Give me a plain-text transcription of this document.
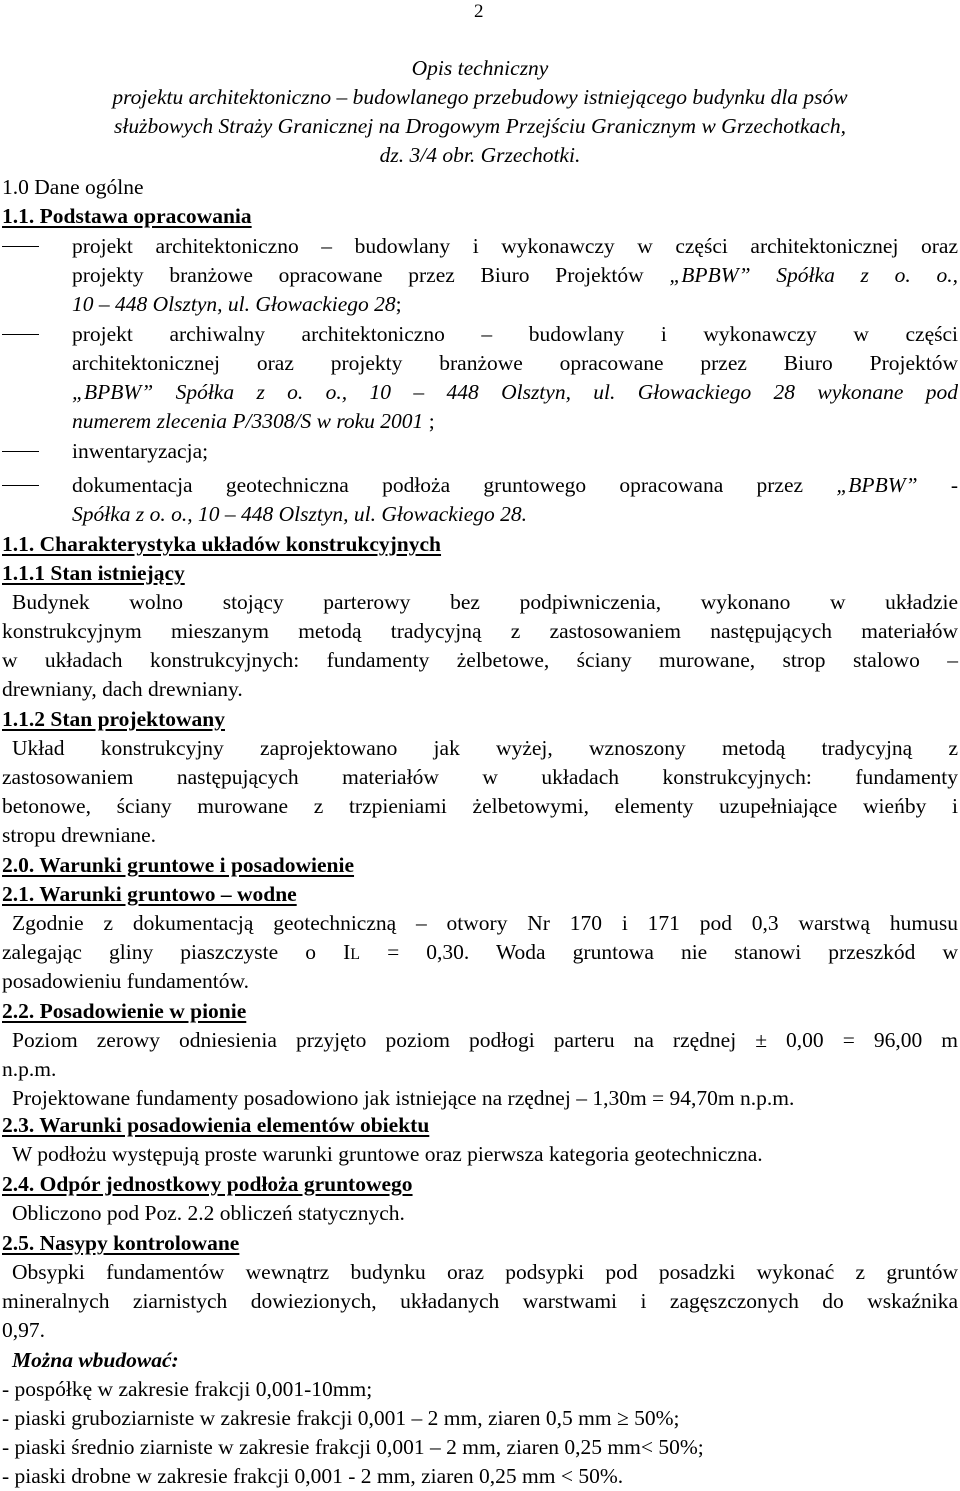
2
Opis techniczny
projektu architektoniczno – budowlanego przebudowy istniejącego budynku dla psów
służbowych Straży Granicznej na Drogowym Przejściu Granicznym w Grzechotkach,
dz. 3/4 obr. Grzechotki.
1.0 Dane ogólne
1.1. Podstawa opracowania
projekt architektoniczno – budowlany i wykonawczy w części architektonicznej oraz
projekty branżowe opracowane przez Biuro Projektów „BPBW” Spółka z o. o.,
10 – 448 Olsztyn, ul. Głowackiego 28;
projekt archiwalny architektoniczno – budowlany i wykonawczy w części
architektonicznej oraz projekty branżowe opracowane przez Biuro Projektów
„BPBW” Spółka z o. o., 10 – 448 Olsztyn, ul. Głowackiego 28 wykonane pod
numerem zlecenia P/3308/S w roku 2001 ;
inwentaryzacja;
dokumentacja geotechniczna podłoża gruntowego opracowana przez „BPBW” -
Spółka z o. o., 10 – 448 Olsztyn, ul. Głowackiego 28.
1.1. Charakterystyka układów konstrukcyjnych
1.1.1 Stan istniejący
Budynek wolno stojący parterowy bez podpiwniczenia, wykonano w układzie
konstrukcyjnym mieszanym metodą tradycyjną z zastosowaniem następujących materiałów
w układach konstrukcyjnych: fundamenty żelbetowe, ściany murowane, strop stalowo –
drewniany, dach drewniany.
1.1.2 Stan projektowany
Układ konstrukcyjny zaprojektowano jak wyżej, wznoszony metodą tradycyjną z
zastosowaniem następujących materiałów w układach konstrukcyjnych: fundamenty
betonowe, ściany murowane z trzpieniami żelbetowymi, elementy uzupełniające wieńby i
stropu drewniane.
2.0. Warunki gruntowe i posadowienie
2.1. Warunki gruntowo – wodne
Zgodnie z dokumentacją geotechniczną – otwory Nr 170 i 171 pod 0,3 warstwą humusu
zalegając gliny piaszczyste o IL = 0,30. Woda gruntowa nie stanowi przeszkód w
posadowieniu fundamentów.
2.2. Posadowienie w pionie
Poziom zerowy odniesienia przyjęto poziom podłogi parteru na rzędnej ± 0,00 = 96,00 m
n.p.m.
Projektowane fundamenty posadowiono jak istniejące na rzędnej – 1,30m = 94,70m n.p.m.
2.3. Warunki posadowienia elementów obiektu
W podłożu występują proste warunki gruntowe oraz pierwsza kategoria geotechniczna.
2.4. Odpór jednostkowy podłoża gruntowego
Obliczono pod Poz. 2.2 obliczeń statycznych.
2.5. Nasypy kontrolowane
Obsypki fundamentów wewnątrz budynku oraz podsypki pod posadzki wykonać z gruntów
mineralnych ziarnistych dowiezionych, układanych warstwami i zagęszczonych do wskaźnika
0,97.
Można wbudować:
- pospółkę w zakresie frakcji 0,001-10mm;
- piaski gruboziarniste w zakresie frakcji 0,001 – 2 mm, ziaren 0,5 mm ≥ 50%;
- piaski średnio ziarniste w zakresie frakcji 0,001 – 2 mm, ziaren 0,25 mm< 50%;
- piaski drobne w zakresie frakcji 0,001 - 2 mm, ziaren 0,25 mm < 50%.
